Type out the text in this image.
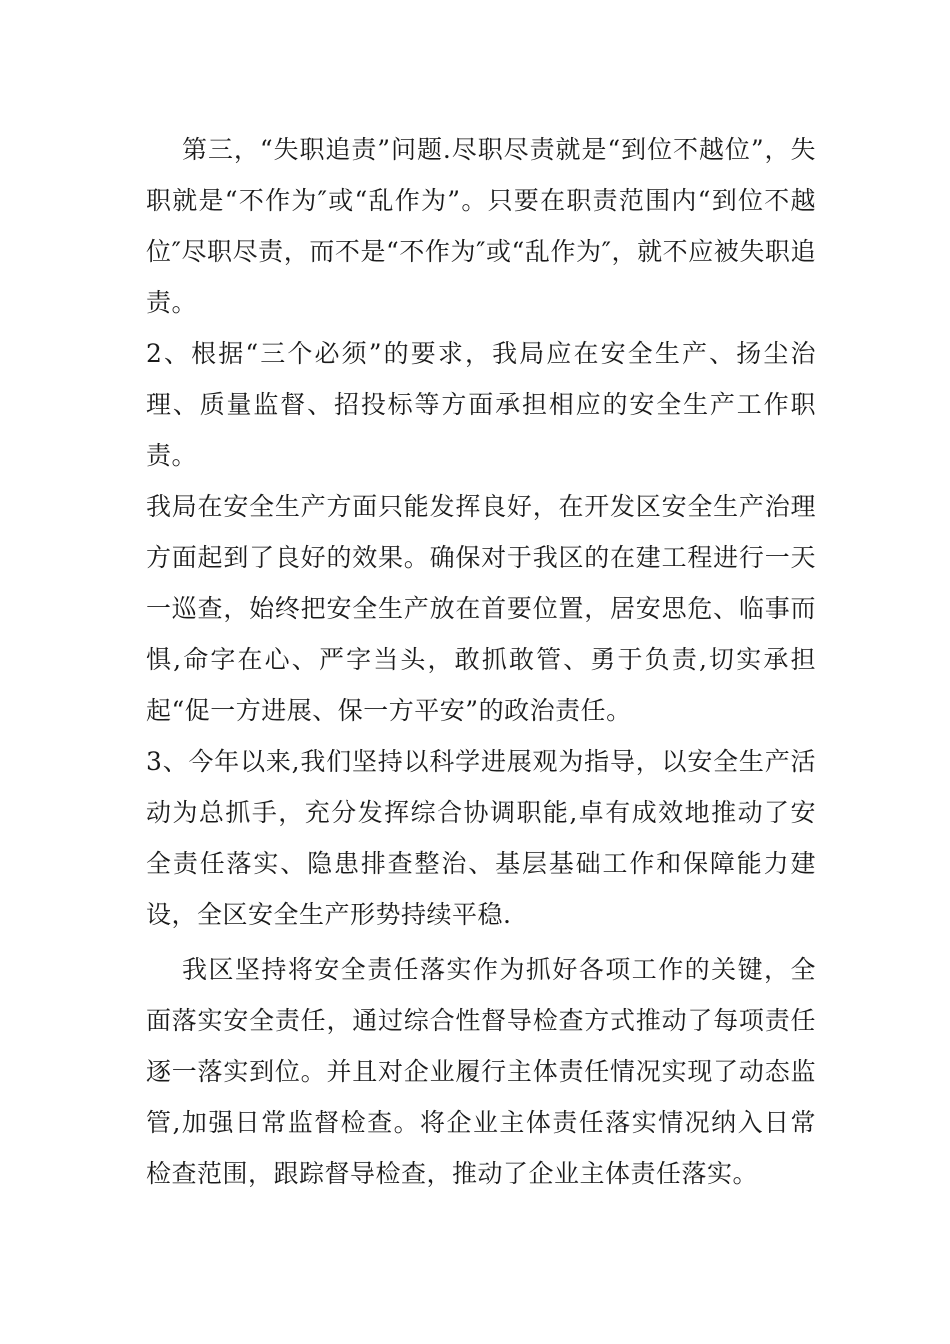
第三，“失职追责”问题.尽职尽责就是“到位不越位”，失职就是“不作为″或“乱作为”。只要在职责范围内“到位不越位″尽职尽责，而不是“不作为″或“乱作为″，就不应被失职追责。

2、根据“三个必须”的要求，我局应在安全生产、扬尘治理、质量监督、招投标等方面承担相应的安全生产工作职责。

我局在安全生产方面只能发挥良好，在开发区安全生产治理方面起到了良好的效果。确保对于我区的在建工程进行一天一巡查，始终把安全生产放在首要位置，居安思危、临事而惧,命字在心、严字当头，敢抓敢管、勇于负责,切实承担起“促一方进展、保一方平安”的政治责任。

3、今年以来,我们坚持以科学进展观为指导，以安全生产活动为总抓手，充分发挥综合协调职能,卓有成效地推动了安全责任落实、隐患排查整治、基层基础工作和保障能力建设，全区安全生产形势持续平稳.

我区坚持将安全责任落实作为抓好各项工作的关键，全面落实安全责任，通过综合性督导检查方式推动了每项责任逐一落实到位。并且对企业履行主体责任情况实现了动态监管,加强日常监督检查。将企业主体责任落实情况纳入日常检查范围，跟踪督导检查，推动了企业主体责任落实。
